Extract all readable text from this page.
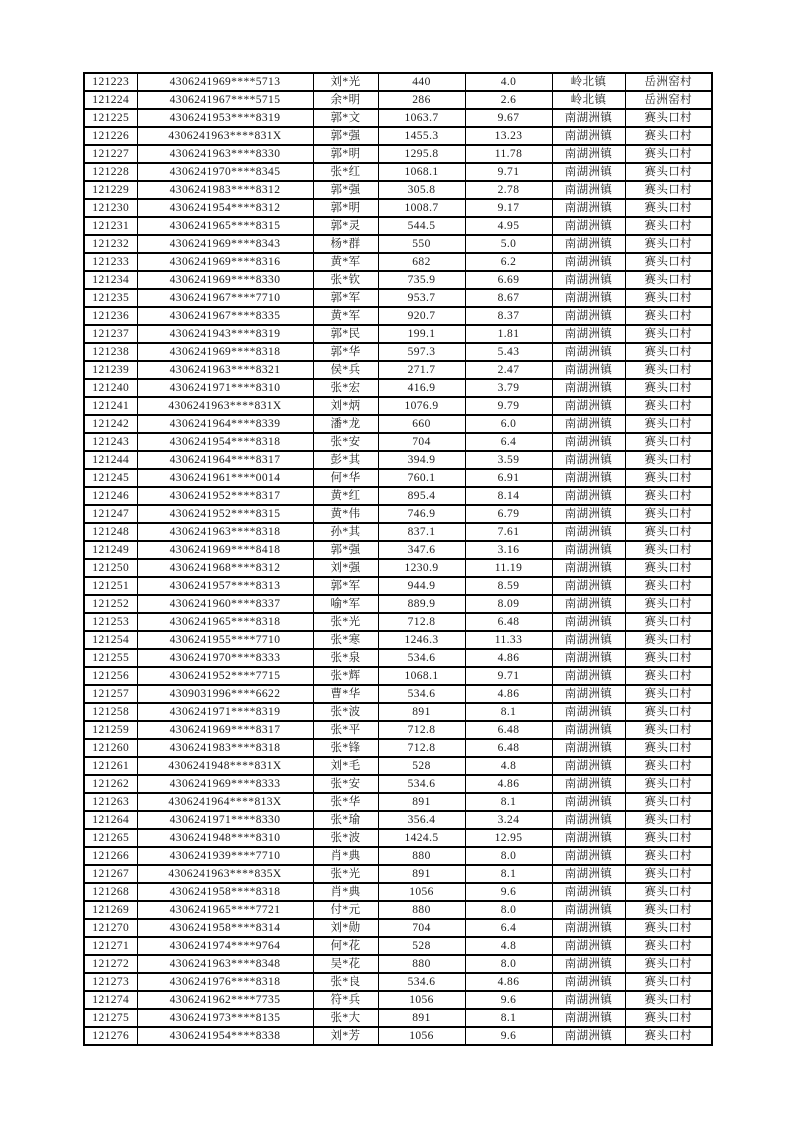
121223	4306241969****5713	刘*光	440	4.0	岭北镇	岳洲窑村
121224	4306241967****5715	余*明	286	2.6	岭北镇	岳洲窑村
121225	4306241953****8319	郭*文	1063.7	9.67	南湖洲镇	赛头口村
121226	4306241963****831X	郭*强	1455.3	13.23	南湖洲镇	赛头口村
121227	4306241963****8330	郭*明	1295.8	11.78	南湖洲镇	赛头口村
121228	4306241970****8345	张*红	1068.1	9.71	南湖洲镇	赛头口村
121229	4306241983****8312	郭*强	305.8	2.78	南湖洲镇	赛头口村
121230	4306241954****8312	郭*明	1008.7	9.17	南湖洲镇	赛头口村
121231	4306241965****8315	郭*灵	544.5	4.95	南湖洲镇	赛头口村
121232	4306241969****8343	杨*群	550	5.0	南湖洲镇	赛头口村
121233	4306241969****8316	黄*军	682	6.2	南湖洲镇	赛头口村
121234	4306241969****8330	张*钦	735.9	6.69	南湖洲镇	赛头口村
121235	4306241967****7710	郭*军	953.7	8.67	南湖洲镇	赛头口村
121236	4306241967****8335	黄*军	920.7	8.37	南湖洲镇	赛头口村
121237	4306241943****8319	郭*民	199.1	1.81	南湖洲镇	赛头口村
121238	4306241969****8318	郭*华	597.3	5.43	南湖洲镇	赛头口村
121239	4306241963****8321	侯*兵	271.7	2.47	南湖洲镇	赛头口村
121240	4306241971****8310	张*宏	416.9	3.79	南湖洲镇	赛头口村
121241	4306241963****831X	刘*炳	1076.9	9.79	南湖洲镇	赛头口村
121242	4306241964****8339	潘*龙	660	6.0	南湖洲镇	赛头口村
121243	4306241954****8318	张*安	704	6.4	南湖洲镇	赛头口村
121244	4306241964****8317	彭*其	394.9	3.59	南湖洲镇	赛头口村
121245	4306241961****0014	何*华	760.1	6.91	南湖洲镇	赛头口村
121246	4306241952****8317	黄*红	895.4	8.14	南湖洲镇	赛头口村
121247	4306241952****8315	黄*伟	746.9	6.79	南湖洲镇	赛头口村
121248	4306241963****8318	孙*其	837.1	7.61	南湖洲镇	赛头口村
121249	4306241969****8418	郭*强	347.6	3.16	南湖洲镇	赛头口村
121250	4306241968****8312	刘*强	1230.9	11.19	南湖洲镇	赛头口村
121251	4306241957****8313	郭*军	944.9	8.59	南湖洲镇	赛头口村
121252	4306241960****8337	喻*军	889.9	8.09	南湖洲镇	赛头口村
121253	4306241965****8318	张*光	712.8	6.48	南湖洲镇	赛头口村
121254	4306241955****7710	张*寒	1246.3	11.33	南湖洲镇	赛头口村
121255	4306241970****8333	张*泉	534.6	4.86	南湖洲镇	赛头口村
121256	4306241952****7715	张*辉	1068.1	9.71	南湖洲镇	赛头口村
121257	4309031996****6622	曹*华	534.6	4.86	南湖洲镇	赛头口村
121258	4306241971****8319	张*波	891	8.1	南湖洲镇	赛头口村
121259	4306241969****8317	张*平	712.8	6.48	南湖洲镇	赛头口村
121260	4306241983****8318	张*锋	712.8	6.48	南湖洲镇	赛头口村
121261	4306241948****831X	刘*毛	528	4.8	南湖洲镇	赛头口村
121262	4306241969****8333	张*安	534.6	4.86	南湖洲镇	赛头口村
121263	4306241964****813X	张*华	891	8.1	南湖洲镇	赛头口村
121264	4306241971****8330	张*瑜	356.4	3.24	南湖洲镇	赛头口村
121265	4306241948****8310	张*波	1424.5	12.95	南湖洲镇	赛头口村
121266	4306241939****7710	肖*典	880	8.0	南湖洲镇	赛头口村
121267	4306241963****835X	张*光	891	8.1	南湖洲镇	赛头口村
121268	4306241958****8318	肖*典	1056	9.6	南湖洲镇	赛头口村
121269	4306241965****7721	付*元	880	8.0	南湖洲镇	赛头口村
121270	4306241958****8314	刘*勋	704	6.4	南湖洲镇	赛头口村
121271	4306241974****9764	何*花	528	4.8	南湖洲镇	赛头口村
121272	4306241963****8348	吴*花	880	8.0	南湖洲镇	赛头口村
121273	4306241976****8318	张*良	534.6	4.86	南湖洲镇	赛头口村
121274	4306241962****7735	符*兵	1056	9.6	南湖洲镇	赛头口村
121275	4306241973****8135	张*大	891	8.1	南湖洲镇	赛头口村
121276	4306241954****8338	刘*芳	1056	9.6	南湖洲镇	赛头口村
